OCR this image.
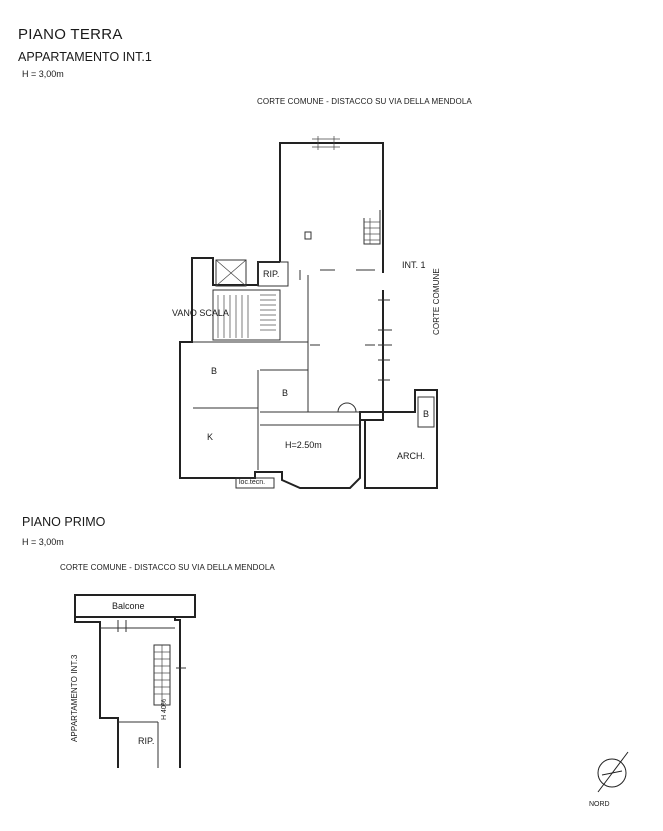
PIANO TERRA
APPARTAMENTO INT.1
H = 3,00m
CORTE COMUNE - DISTACCO SU VIA DELLA MENDOLA
CORTE COMUNE
RIP.
INT. 1
VANO SCALA
B
B
B
K
H=2.50m
ARCH.
loc.tecn.
PIANO PRIMO
H = 3,00m
CORTE COMUNE - DISTACCO SU VIA DELLA MENDOLA
APPARTAMENTO INT.3
Balcone
RIP.
H 40%
NORD
